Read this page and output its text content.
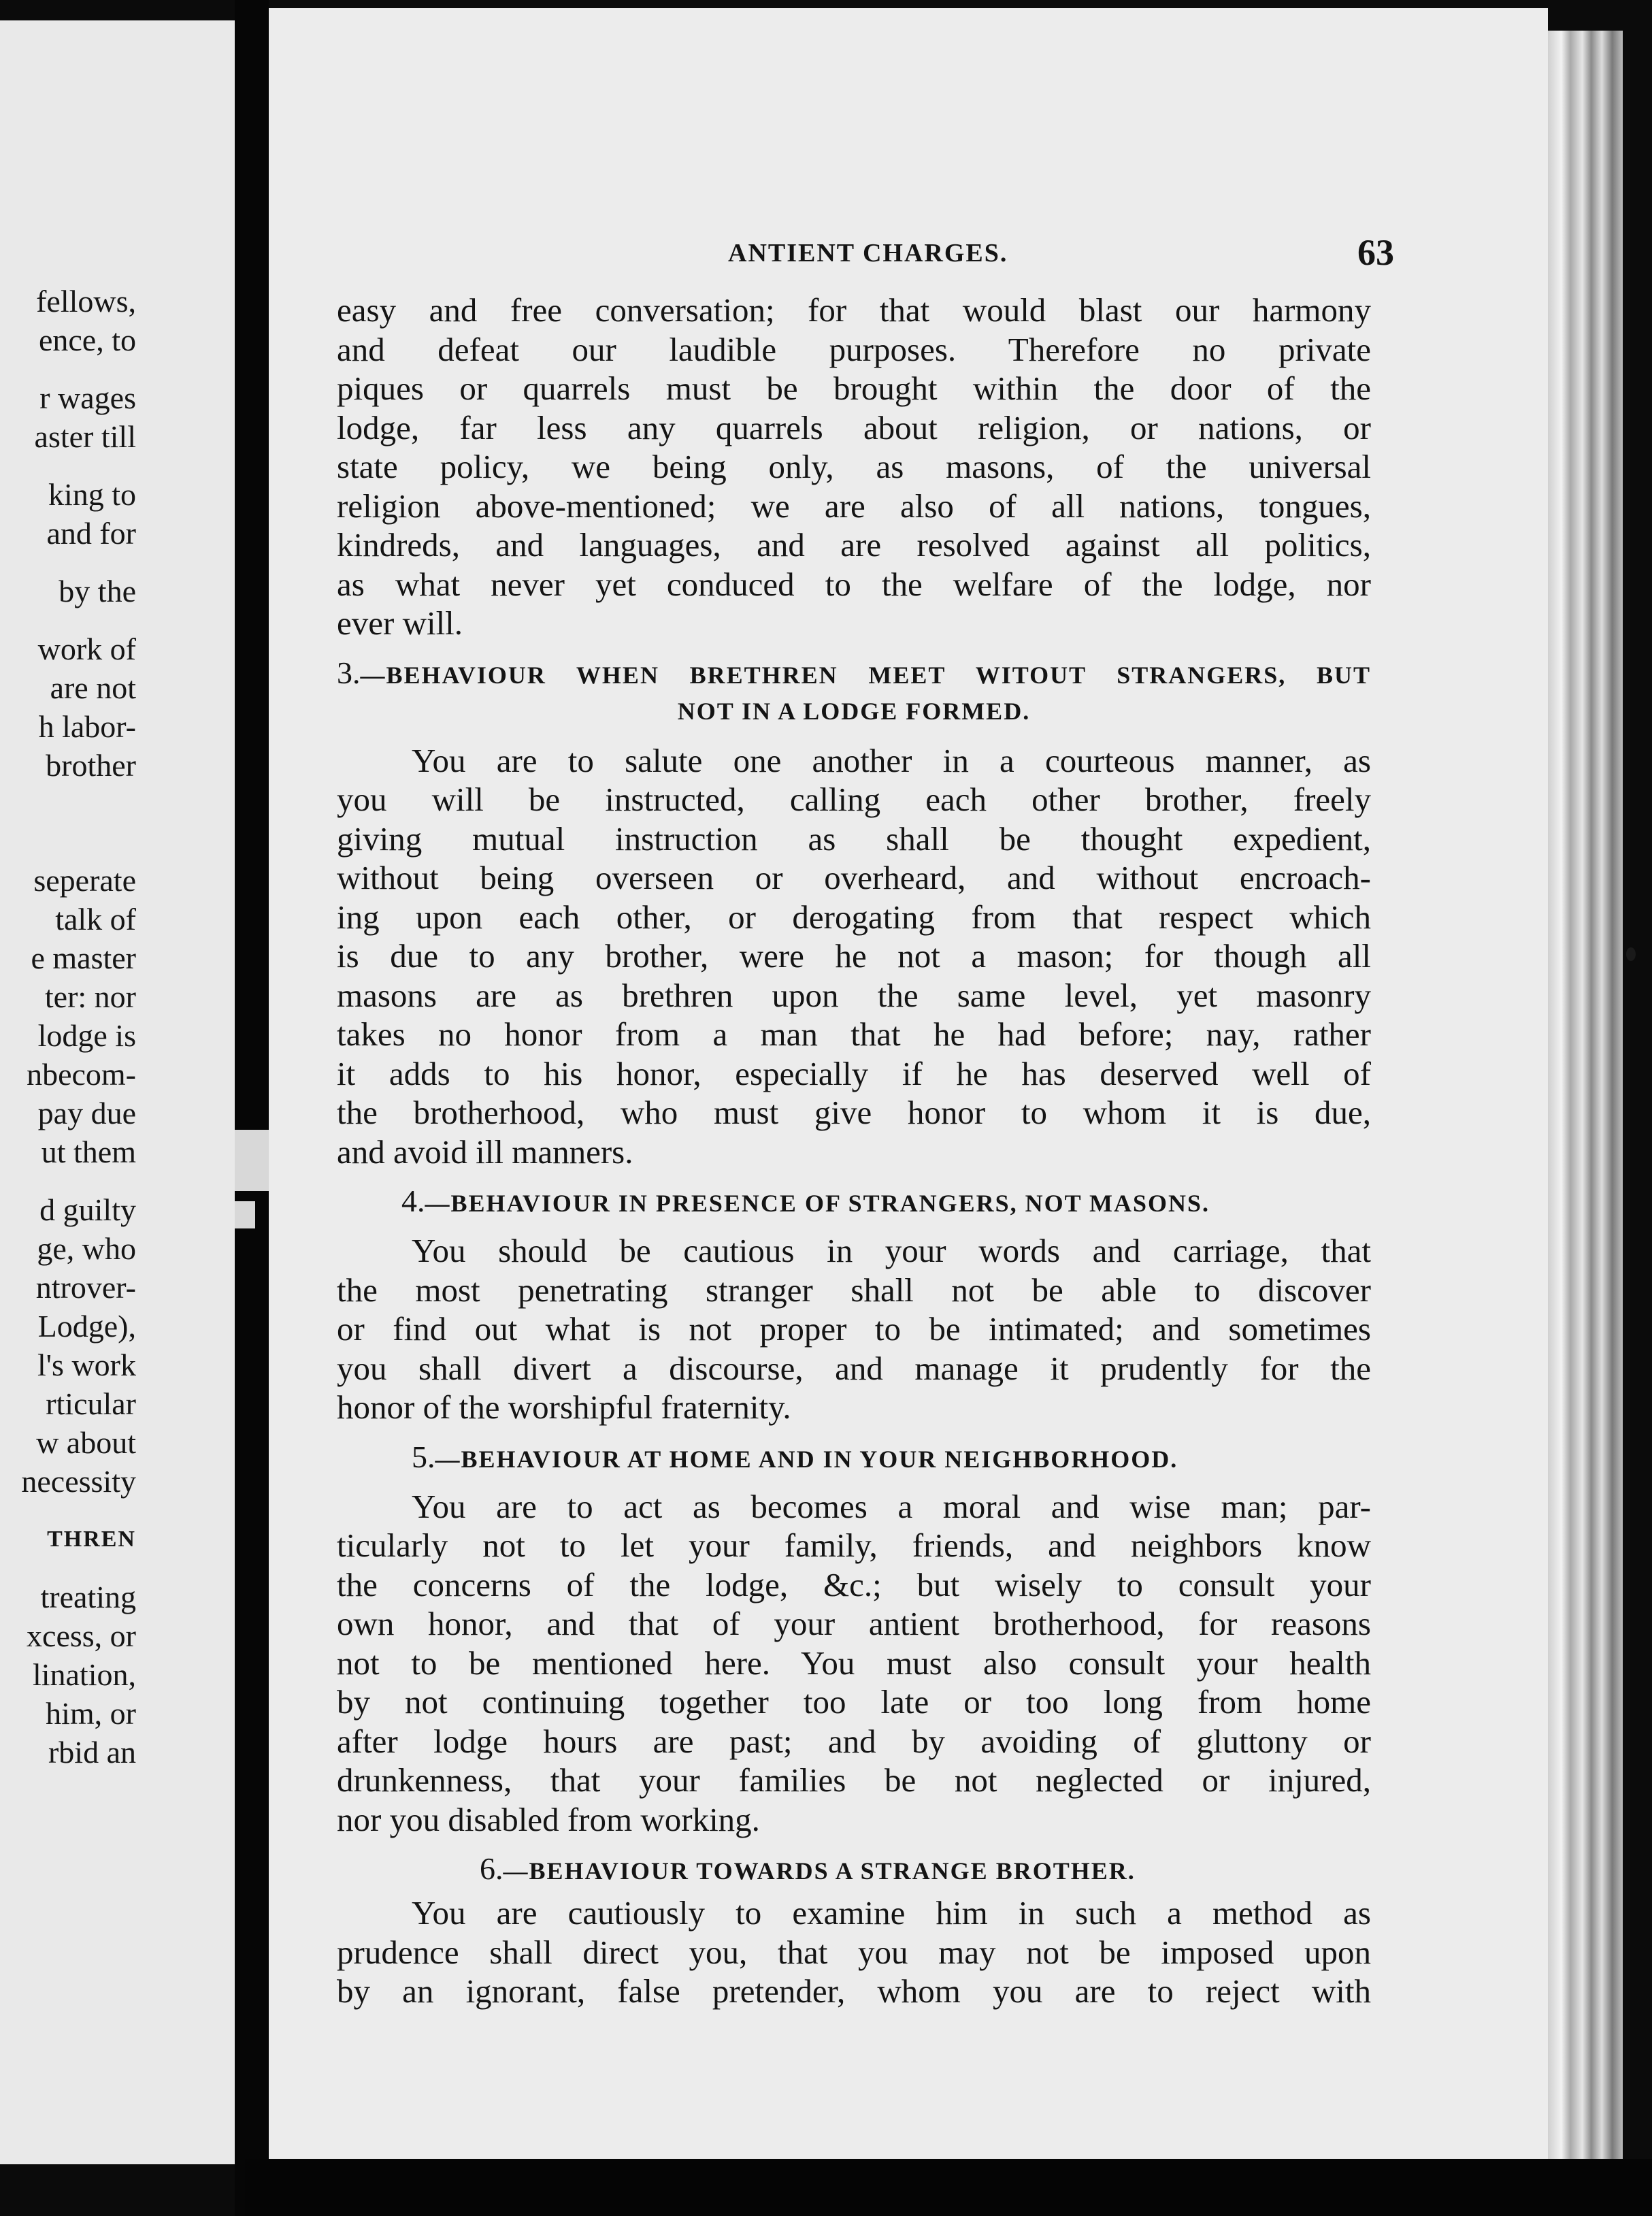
fellows,
ence, to
r wages
aster till
king to
and for
by the
work of
are not
h labor-
brother
seperate
talk of
e master
ter: nor
lodge is
nbecom-
pay due
ut them
d guilty
ge, who
ntrover-
Lodge),
l's work
rticular
w about
necessity
THREN
treating
xcess, or
lination,
him, or
rbid an
ANTIENT CHARGES.	63
easy and free conversation; for that would blast our harmony
and defeat our laudible purposes. Therefore no private
piques or quarrels must be brought within the door of the
lodge, far less any quarrels about religion, or nations, or
state policy, we being only, as masons, of the universal
religion above-mentioned; we are also of all nations, tongues,
kindreds, and languages, and are resolved against all politics,
as what never yet conduced to the welfare of the lodge, nor
ever will.
3.—BEHAVIOUR WHEN BRETHREN MEET WITOUT STRANGERS, BUT
NOT IN A LODGE FORMED.
You are to salute one another in a courteous manner, as
you will be instructed, calling each other brother, freely
giving mutual instruction as shall be thought expedient,
without being overseen or overheard, and without encroach-
ing upon each other, or derogating from that respect which
is due to any brother, were he not a mason; for though all
masons are as brethren upon the same level, yet masonry
takes no honor from a man that he had before; nay, rather
it adds to his honor, especially if he has deserved well of
the brotherhood, who must give honor to whom it is due,
and avoid ill manners.
4.—BEHAVIOUR IN PRESENCE OF STRANGERS, NOT MASONS.
You should be cautious in your words and carriage, that
the most penetrating stranger shall not be able to discover
or find out what is not proper to be intimated; and sometimes
you shall divert a discourse, and manage it prudently for the
honor of the worshipful fraternity.
5.—BEHAVIOUR AT HOME AND IN YOUR NEIGHBORHOOD.
You are to act as becomes a moral and wise man; par-
ticularly not to let your family, friends, and neighbors know
the concerns of the lodge, &c.; but wisely to consult your
own honor, and that of your antient brotherhood, for reasons
not to be mentioned here. You must also consult your health
by not continuing together too late or too long from home
after lodge hours are past; and by avoiding of gluttony or
drunkenness, that your families be not neglected or injured,
nor you disabled from working.
6.—BEHAVIOUR TOWARDS A STRANGE BROTHER.
You are cautiously to examine him in such a method as
prudence shall direct you, that you may not be imposed upon
by an ignorant, false pretender, whom you are to reject with
